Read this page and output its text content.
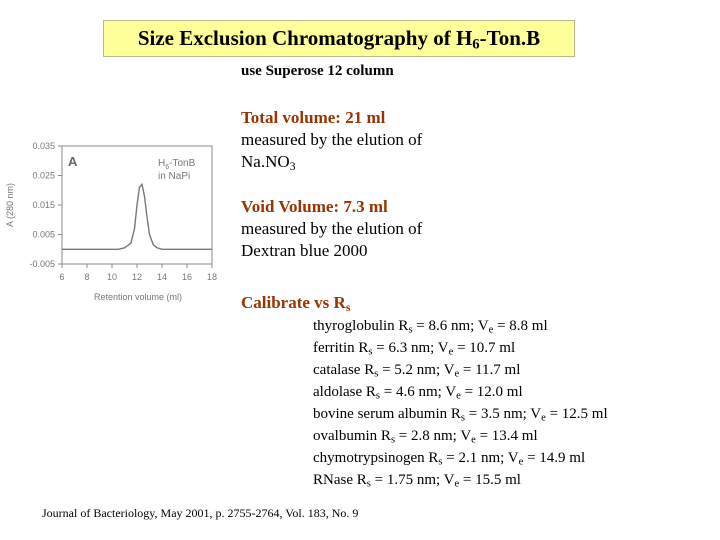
Size Exclusion Chromatography of $H_6-Ton.B$
use Superose 12 column
Total volume: 21 ml
measured by the elution of
$Na.NO_3$
Void Volume: 7.3 ml
measured by the elution of
Dextran blue 2000
Calibrate vs $R_s$
thyroglobulin $R_s = 8.6$ nm; $V_e = 8.8$ ml
ferritin $R_s = 6.3$ nm; $V_e = 10.7$ ml
catalase $R_s = 5.2$ nm; $V_e = 11.7$ ml
aldolase $R_s = 4.6$ nm; $V_e = 12.0$ ml
bovine serum albumin $R_s = 3.5$ nm; $V_e = 12.5$ ml
ovalbumin $R_s = 2.8$ nm; $V_e = 13.4$ ml
chymotrypsinogen $R_s = 2.1$ nm; $V_e = 14.9$ ml
RNase $R_s = 1.75$ nm; $V_e = 15.5$ ml
0.035
0.025
0.015
0.005
-0.005
6 8 10 12 14 16 18
Retention volume (ml)
A (280 nm)
A	$H_6$-TonB
in NaPi
Journal of Bacteriology, May 2001, p. 2755-2764, Vol. 183, No. 9
